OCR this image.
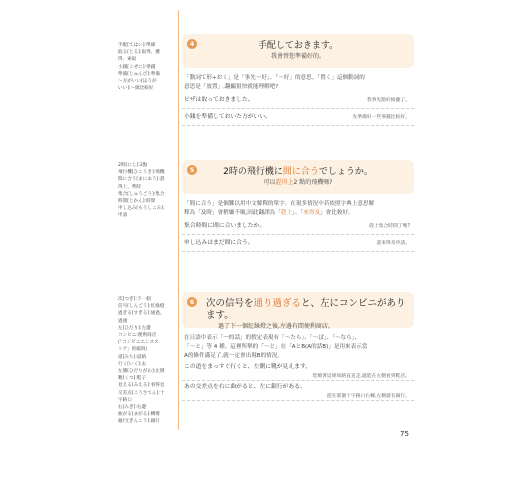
手配[てはい]:準備
取る[とる]:取得、獲
得、索取
小銭[こぜに]:零錢
準備[じゅんび]:準備
〜方がいい[ほうが
いい]:〜做比較好
2時[にじ]:2點
飛行機[ひこうき]:飛機
間に合う[まにあう]:趕
得上、準時
集合[しゅうごう]:集合
時間[じかん]:時間
申し込み[もうしこみ]:
申請
次[つぎ]:下一個
信号[しんごう]:紅綠燈
過ぎる[すぎる]:通過、
過頭
左[ひだり]:左邊
コンビニ:便利商店
(「コンビニエンスス
トア」的縮寫)
道[みち]:道路
行く[いく]:去
左側[ひだりがわ]:左側
靴[くつ]:鞋子
見える[みえる]:看得見
交差点[こうさてん]:十
字路口
右[みぎ]:右邊
曲がる[まがる]:轉彎
銀行[ぎんこう]:銀行
4	手配しておきます。
我會替您準備好的。
「動詞て形+おく」是「事先〜好」、「〜好」的意思。「置く」這個動詞的
意思是「放置」,翻顯很快就能理解吧?
ピザは取っておきました。	我事先點好披薩了。
小銭を準備しておいた方がいい。	先準備好一些零錢比較好。
5	2時の飛行機に間に合うでしょうか。
可以趕得上2 點的飛機嗎?
「間に合う」是個難以用中文解釋的單字。在現多情況中若依照字典上意思解
釋為「及時」會稍嫌不順,因此翻譯為「趕上」、「來得及」會比較好。
集合時間に間に合いましたか。	趕上集合時間了嗎?
申し込みはまだ間に合う。	還來得及申請。
6	次の信号を通り過ぎると、左にコンビニがあります。
過了下一個紅綠燈之後,左邊有間便利商店。
在日語中表示「一的話」的假定表現有「〜たら」、「〜ば」、「〜なら」、
「〜と」等 4 種。這裡所舉的「〜と」在「AとB(A的話B)」是用來表示當
A的條件滿足了,就一定會出現B的情況。
この道をまっすぐ行くと、左側に靴が見えます。
您順著這條馬路直直走,就能在左側看到鞋店。
あの交差点を右に曲がると、左に銀行がある。
從在那個十字路口右轉,左側就有銀行。
75
